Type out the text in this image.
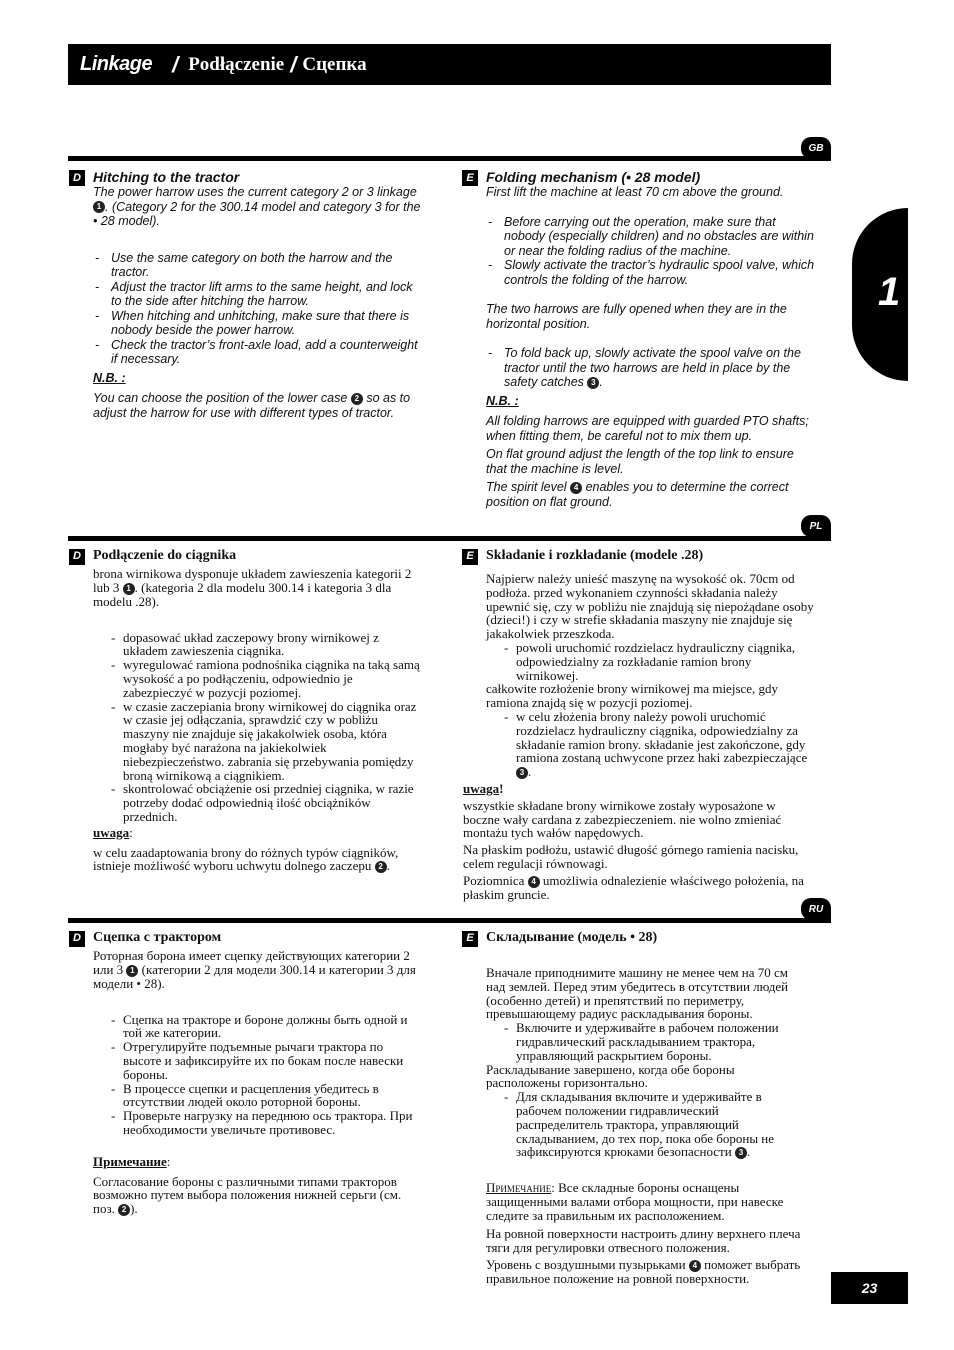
Linkage / Podłączenie / Сцепка
1
GB
D Hitching to the tractor

The power harrow uses the current category 2 or 3 linkage 1 . (Category 2 for the 300.14 model and category 3 for the • 28 model).

- Use the same category on both the harrow and the tractor.
- Adjust the tractor lift arms to the same height, and lock to the side after hitching the harrow.
- When hitching and unhitching, make sure that there is nobody beside the power harrow.
- Check the tractor’s front-axle load, add a counterweight if necessary.

N.B. :

You can choose the position of the lower case 2 so as to adjust the harrow for use with different types of tractor.

E Folding mechanism (• 28 model)

First lift the machine at least 70 cm above the ground.

- Before carrying out the operation, make sure that nobody (especially children) and no obstacles are within or near the folding radius of the machine.
- Slowly activate the tractor’s hydraulic spool valve, which controls the folding of the harrow.

The two harrows are fully opened when they are in the horizontal position.

- To fold back up, slowly activate the spool valve on the tractor until the two harrows are held in place by the safety catches 3 .

N.B. :

All folding harrows are equipped with guarded PTO shafts; when fitting them, be careful not to mix them up.

On flat ground adjust the length of the top link to ensure that the machine is level.

The spirit level 4 enables you to determine the correct position on flat ground.

PL
D Podłączenie do ciągnika

brona wirnikowa dysponuje układem zawieszenia kategorii 2 lub 3 1 . (kategoria 2 dla modelu 300.14 i kategoria 3 dla modelu .28).

- dopasować układ zaczepowy brony wirnikowej z układem zawieszenia ciągnika.
- wyregulować ramiona podnośnika ciągnika na taką samą wysokość a po podłączeniu, odpowiednio je zabezpieczyć w pozycji poziomej.
- w czasie zaczepiania brony wirnikowej do ciągnika oraz w czasie jej odłączania, sprawdzić czy w pobliżu maszyny nie znajduje się jakakolwiek osoba, która mogłaby być narażona na jakiekolwiek niebezpieczeństwo. zabrania się przebywania pomiędzy broną wirnikową a ciągnikiem.
- skontrolować obciążenie osi przedniej ciągnika, w razie potrzeby dodać odpowiednią ilość obciążników przednich.

uwaga:

w celu zaadaptowania brony do różnych typów ciągników, istnieje możliwość wyboru uchwytu dolnego zaczepu 2 .

E Składanie i rozkładanie (modele .28)

Najpierw należy unieść maszynę na wysokość ok. 70cm od podłoża. przed wykonaniem czynności składania należy upewnić się, czy w pobliżu nie znajdują się niepożądane osoby (dzieci!) i czy w strefie składania maszyny nie znajduje się jakakolwiek przeszkoda.

- powoli uruchomić rozdzielacz hydrauliczny ciągnika, odpowiedzialny za rozkładanie ramion brony wirnikowej.

całkowite rozłożenie brony wirnikowej ma miejsce, gdy ramiona znajdą się w pozycji poziomej.

- w celu złożenia brony należy powoli uruchomić rozdzielacz hydrauliczny ciągnika, odpowiedzialny za składanie ramion brony. składanie jest zakończone, gdy ramiona zostaną uchwycone przez haki zabezpieczające 3 .

uwaga!

wszystkie składane brony wirnikowe zostały wyposażone w boczne wały cardana z zabezpieczeniem. nie wolno zmieniać montażu tych wałów napędowych.

Na płaskim podłożu, ustawić długość górnego ramienia nacisku, celem regulacji równowagi.

Poziomnica 4 umożliwia odnalezienie właściwego położenia, na płaskim gruncie.

RU
D Сцепка с трактором

Роторная борона имеет сцепку действующих категории 2 или 3 1 (категории 2 для модели 300.14 и категории 3 для модели • 28).

- Сцепка на тракторе и бороне должны быть одной и той же категории.
- Отрегулируйте подъемные рычаги трактора по высоте и зафиксируйте их по бокам после навески бороны.
- В процессе сцепки и расцепления убедитесь в отсутствии людей около роторной бороны.
- Проверьте нагрузку на переднюю ось трактора. При необходимости увеличьте противовес.

Примечание:

Согласование бороны с различными типами тракторов возможно путем выбора положения нижней серьги (см. поз. 2 ).

E Складывание (модель • 28)

Вначале приподнимите машину не менее чем на 70 см над землей. Перед этим убедитесь в отсутствии людей (особенно детей) и препятствий по периметру, превышающему радиус раскладывания бороны.

- Включите и удерживайте в рабочем положении гидравлический раскладыванием трактора, управляющий раскрытием бороны.

Раскладывание завершено, когда обе бороны расположены горизонтально.

- Для складывания включите и удерживайте в рабочем положении гидравлический распределитель трактора, управляющий складыванием, до тех пор, пока обе бороны не зафиксируются крюками безопасности 3 .

Примечание: Все складные бороны оснащены защищенными валами отбора мощности, при навеске следите за правильным их расположением.

На ровной поверхности настроить длину верхнего плеча тяги для регулировки отвесного положения.

Уровень с воздушными пузырьками 4 поможет выбрать правильное положение на ровной поверхности.

23
